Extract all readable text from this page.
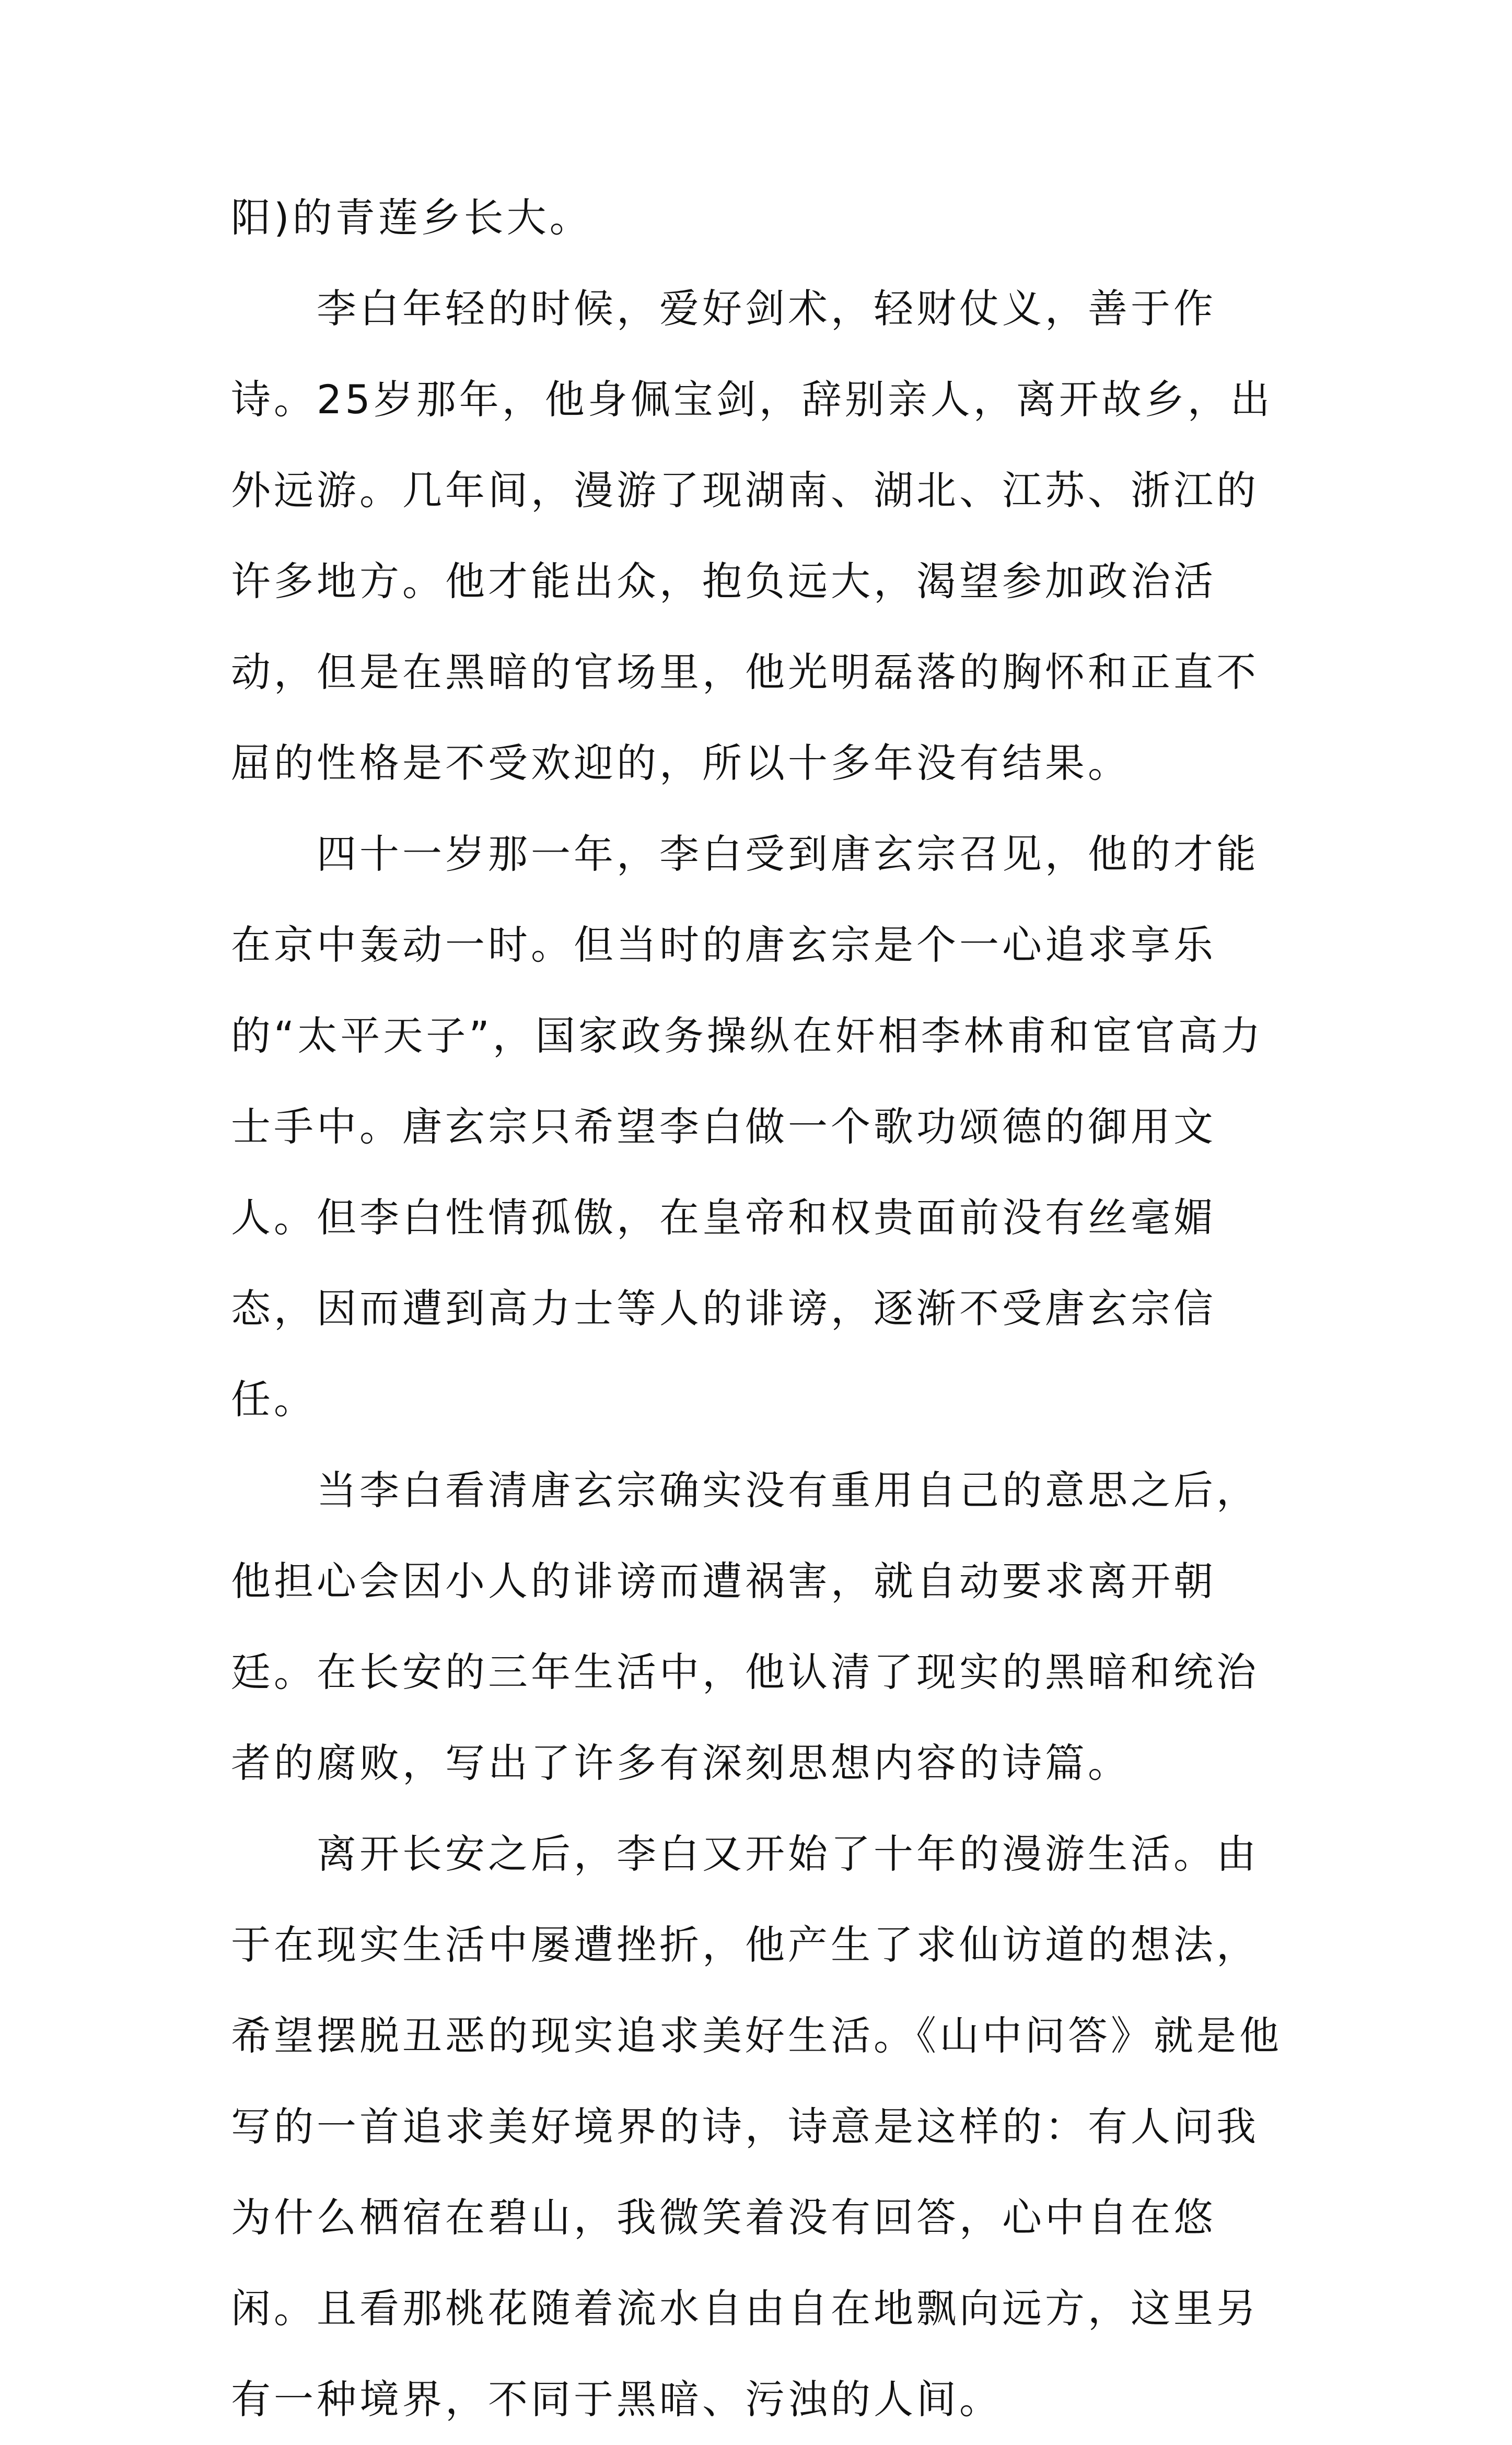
阳)的青莲乡长大。

李白年轻的时候，爱好剑术，轻财仗义，善于作诗。25岁那年，他身佩宝剑，辞别亲人，离开故乡，出外远游。几年间，漫游了现湖南、湖北、江苏、浙江的许多地方。他才能出众，抱负远大，渴望参加政治活动，但是在黑暗的官场里，他光明磊落的胸怀和正直不屈的性格是不受欢迎的，所以十多年没有结果。

四十一岁那一年，李白受到唐玄宗召见，他的才能在京中轰动一时。但当时的唐玄宗是个一心追求享乐的“太平天子”，国家政务操纵在奸相李林甫和宦官高力士手中。唐玄宗只希望李白做一个歌功颂德的御用文人。但李白性情孤傲，在皇帝和权贵面前没有丝毫媚态，因而遭到高力士等人的诽谤，逐渐不受唐玄宗信任。

当李白看清唐玄宗确实没有重用自己的意思之后，他担心会因小人的诽谤而遭祸害，就自动要求离开朝廷。在长安的三年生活中，他认清了现实的黑暗和统治者的腐败，写出了许多有深刻思想内容的诗篇。

离开长安之后，李白又开始了十年的漫游生活。由于在现实生活中屡遭挫折，他产生了求仙访道的想法，希望摆脱丑恶的现实追求美好生活。《山中问答》就是他写的一首追求美好境界的诗，诗意是这样的：有人问我为什么栖宿在碧山，我微笑着没有回答，心中自在悠闲。且看那桃花随着流水自由自在地飘向远方，这里另有一种境界，不同于黑暗、污浊的人间。
